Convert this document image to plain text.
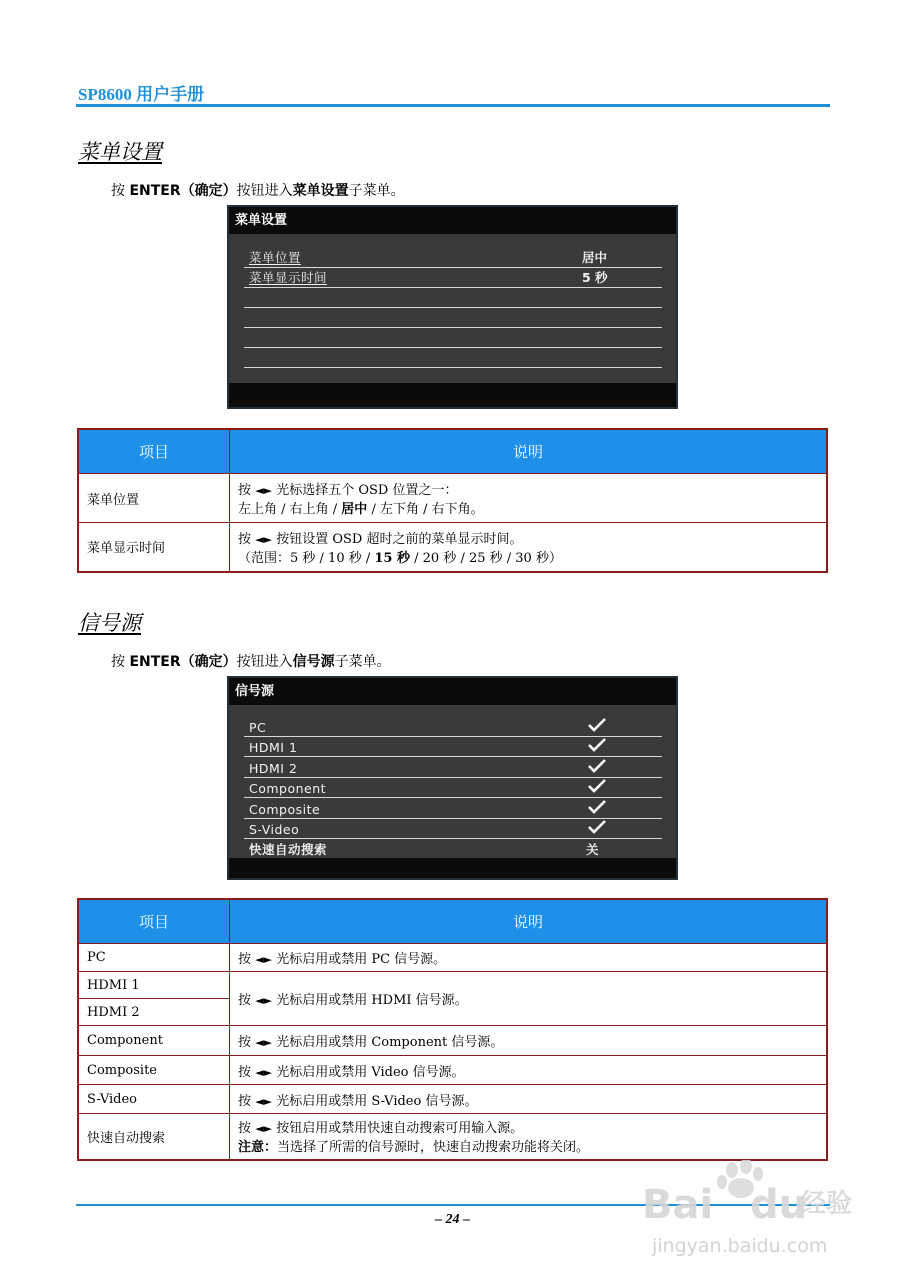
SP8600 用户手册
菜单设置
按 ENTER（确定）按钮进入菜单设置子菜单。
菜单设置
菜单位置	居中
菜单显示时间	5 秒
项目	说明
菜单位置	按 ◄► 光标选择五个 OSD 位置之一：
左上角 / 右上角 / 居中 / 左下角 / 右下角。

菜单显示时间	按 ◄► 按钮设置 OSD 超时之前的菜单显示时间。
（范围：5 秒 / 10 秒 / 15 秒 / 20 秒 / 25 秒 / 30 秒）
信号源
按 ENTER（确定）按钮进入信号源子菜单。
信号源
PC
HDMI 1
HDMI 2
Component
Composite
S-Video
快速自动搜索	关
项目	说明
PC	按 ◄► 光标启用或禁用 PC 信号源。
HDMI 1	按 ◄► 光标启用或禁用 HDMI 信号源。
HDMI 2	
Component	按 ◄► 光标启用或禁用 Component 信号源。
Composite	按 ◄► 光标启用或禁用 Video 信号源。
S-Video	按 ◄► 光标启用或禁用 S-Video 信号源。
快速自动搜索	按 ◄► 按钮启用或禁用快速自动搜索可用输入源。
注意：当选择了所需的信号源时，快速自动搜索功能将关闭。
– 24 –	Bai du
经验
jingyan.baidu.com
